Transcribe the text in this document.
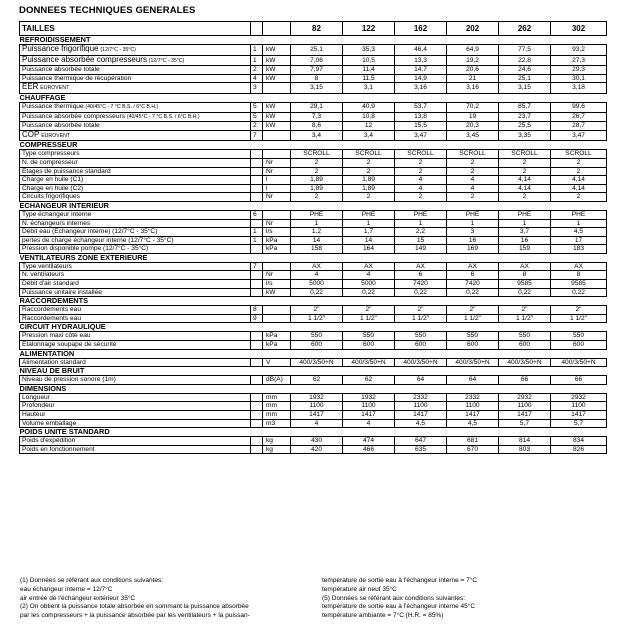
DONNEES TECHNIQUES GENERALES
TAILLES			82	122	162	202	262	302
REFROIDISSEMENT								
Puissance frigorifique (12/7°C - 35°C)	1	kW	25,1	35,3	46,4	64,9	77,5	93,2
Puissance absorbée compresseurs (12/7°C - 35°C)	1	kW	7,06	10,5	13,3	19,2	22,8	27,3
Puissance absorbée totale	2	kW	7,97	11,4	14,7	20,6	24,6	29,3
Puissance thermique de récupération	4	kW	8	11,5	14,9	21	25,1	30,1
EER EUROVENT	3		3,15	3,1	3,16	3,16	3,15	3,18
CHAUFFAGE								
Puissance thermique (40/45°C - 7 °C B.S. / 6°C B.H.)	5	kW	29,1	40,9	53,7	70,2	85,7	99,6
Puissance absorbée compresseurs (40/45°C - 7 °C B.S. / 6°C B.H.)	5	kW	7,3	10,8	13,8	19	23,7	26,7
Puissance absorbée totale	2	kW	8,6	12	15,5	20,3	25,5	28,7
COP EUROVENT	7		3,4	3,4	3,47	3,45	3,35	3,47
COMPRESSEUR								
Type compresseurs			SCROLL	SCROLL	SCROLL	SCROLL	SCROLL	SCROLL
N. de compresseur		Nr	2	2	2	2	2	2
Etages de puissance standard		Nr	2	2	2	2	2	2
Charge en huile (C1)		l	1,89	1,89	4	4	4,14	4,14
Charge en huile (C2)		l	1,89	1,89	4	4	4,14	4,14
Circuits frigorifiques		Nr	2	2	2	2	2	2
ECHANGEUR INTERIEUR								
Type échangeur interne	6		PHE	PHE	PHE	PHE	PHE	PHE
N. échangeurs internes		Nr	1	1	1	1	1	1
Débit eau (Echangeur interne) (12/7°C - 35°C)	1	l/s	1,2	1,7	2,2	3	3,7	4,5
pertes de charge échangeur interne (12/7°C - 35°C)	1	kPa	14	14	15	16	16	17
Pression disponible pompe (12/7°C - 35°C)		kPa	158	164	149	169	159	183
VENTILATEURS ZONE EXTERIEURE								
Type ventilateurs	7		AX	AX	AX	AX	AX	AX
N. ventilateurs		Nr	4	4	6	6	8	8
Débit d'air standard		l/s	5000	5000	7420	7420	9585	9585
Puissance unitaire installée		kW	0,22	0,22	0,22	0,22	0,22	0,22
RACCORDEMENTS								
Raccordements eau	8		2"	2"	2"	2"	2"	2"
Raccordements eau	9		1 1/2"	1 1/2"	1 1/2"	1 1/2"	1 1/2"	1 1/2"
CIRCUIT HYDRAULIQUE								
Pression maxi côté eau		kPa	550	550	550	550	550	550
Etalonnage soupape de sécurité		kPa	600	600	600	600	600	600
ALIMENTATION								
Alimentation standard		V	400/3/50+N	400/3/50+N	400/3/50+N	400/3/50+N	400/3/50+N	400/3/50+N
NIVEAU DE BRUIT								
Niveau de pression sonore (1m)		dB(A)	62	62	64	64	66	66
DIMENSIONS								
Longueur		mm	1932	1932	2332	2332	2932	2932
Profondeur		mm	1100	1100	1100	1100	1100	1100
Hauteur		mm	1417	1417	1417	1417	1417	1417
Volume emballage		m3	4	4	4,5	4,5	5,7	5,7
POIDS UNITE STANDARD								
Poids d'expédition		kg	430	474	647	681	814	834
Poids en fonctionnement		kg	420	466	635	670	803	826
(1) Données se référant aux conditions suivantes:
eau échangeur interne = 12/7°C
air entrée de l'échangeur extérieur 35°C
(2) On obtient la puissance totale absorbée en sommant la puissance absorbée
par les compresseurs + la puissance absorbée par les ventilateurs + la puissan-
température de sortie eau à l'échangeur interne = 7°C
température air neuf 35°C
(5) Données se référant aux conditions suivantes:
température de sortie eau à l'échangeur interne 45°C
température ambiante = 7°C (H.R. = 85%)
